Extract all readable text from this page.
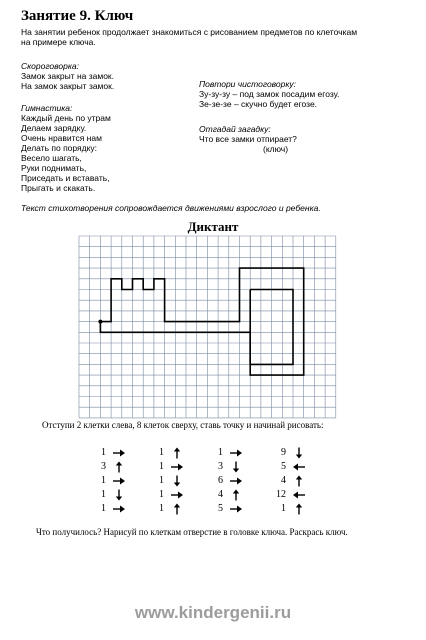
Занятие 9. Ключ
На занятии ребенок продолжает знакомиться с рисованием предметов по клеточкам
на примере ключа.
Скороговорка:
Замок закрыт на замок.
На замок закрыт замок.
Гимнастика:
Каждый день по утрам
Делаем зарядку.
Очень нравится нам
Делать по порядку:
Весело шагать,
Руки поднимать,
Приседать и вставать,
Прыгать и скакать.
Повтори чистоговорку:
Зу-зу-зу – под замок посадим егозу.
Зе-зе-зе – скучно будет егозе.
Отгадай загадку:
Что все замки отпирает?
(ключ)
Текст стихотворения сопровождается движениями взрослого и ребенка.
Диктант
Отступи 2 клетки слева, 8 клеток сверху, ставь точку и начинай рисовать:
1
3
1
1
1
1
1
1
1
1
1
3
6
4
5
9
5
4
12
1
Что получилось? Нарисуй по клеткам отверстие в головке ключа. Раскрась ключ.
www.kindergenii.ru
